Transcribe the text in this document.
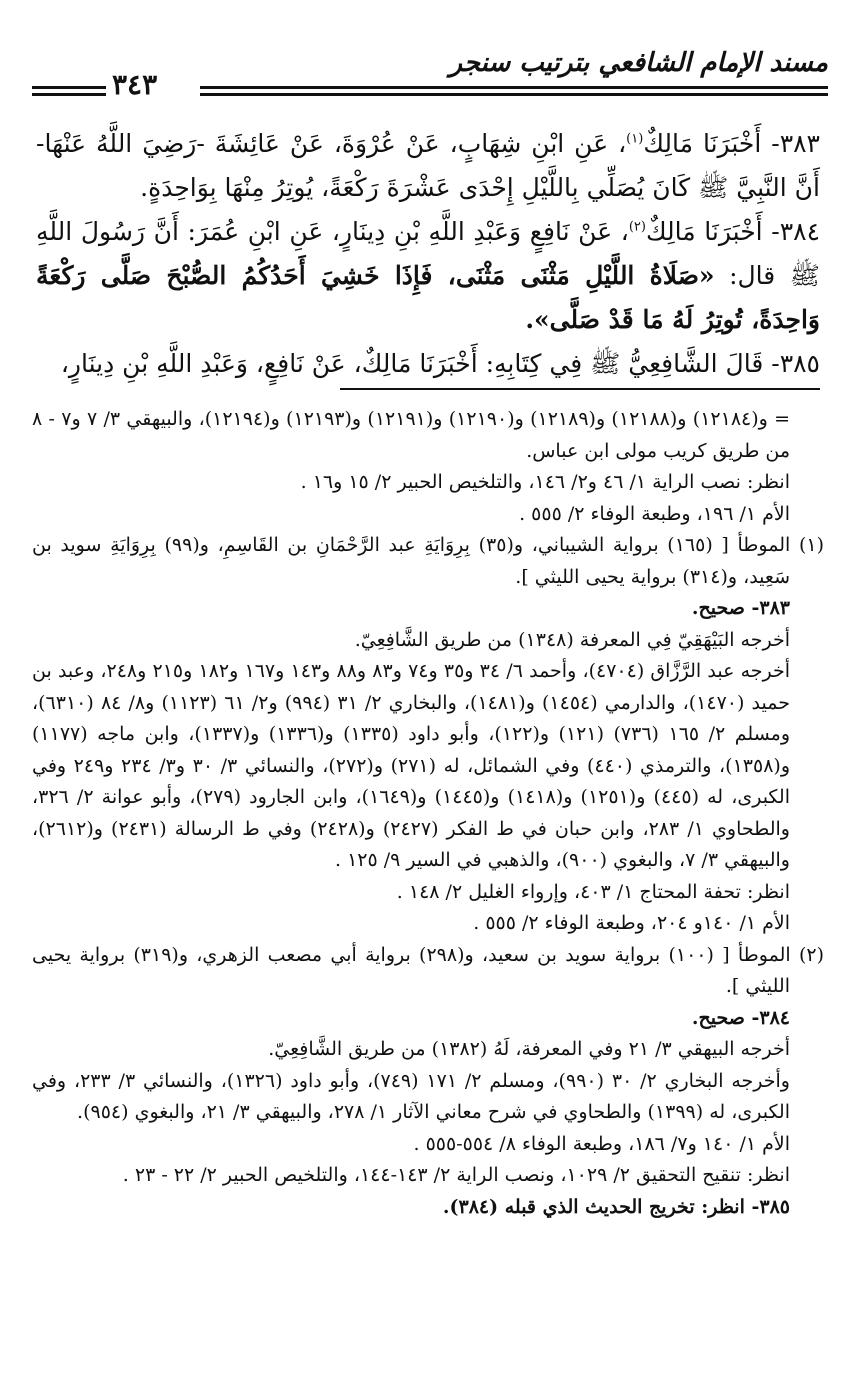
مسند الإمام الشافعي بترتيب سنجر
٣٤٣

٣٨٣- أَخْبَرَنَا مَالِكٌ$^{(١)}$، عَنِ ابْنِ شِهَابٍ، عَنْ عُرْوَةَ، عَنْ عَائِشَةَ -رَضِيَ اللَّهُ عَنْهَا- أَنَّ النَّبِيَّ ﷺ كَانَ يُصَلِّي بِاللَّيْلِ إِحْدَى عَشْرَةَ رَكْعَةً، يُوتِرُ مِنْهَا بِوَاحِدَةٍ.

٣٨٤- أَخْبَرَنَا مَالِكٌ$^{(٢)}$، عَنْ نَافِعٍ وَعَبْدِ اللَّهِ بْنِ دِينَارٍ، عَنِ ابْنِ عُمَرَ: أَنَّ رَسُولَ اللَّهِ ﷺ قال: «صَلَاةُ اللَّيْلِ مَثْنَى مَثْنَى، فَإِذَا خَشِيَ أَحَدُكُمُ الصُّبْحَ صَلَّى رَكْعَةً وَاحِدَةً، تُوتِرُ لَهُ مَا قَدْ صَلَّى».

٣٨٥- قَالَ الشَّافِعِيُّ ﷺ فِي كِتَابِهِ: أَخْبَرَنَا مَالِكٌ، عَنْ نَافِعٍ، وَعَبْدِ اللَّهِ بْنِ دِينَارٍ،

= و(١٢١٨٤) و(١٢١٨٨) و(١٢١٨٩) و(١٢١٩٠) و(١٢١٩١) و(١٢١٩٣) و(١٢١٩٤)، والبيهقي ٣/ ٧ و٧ - ٨ من طريق كريب مولى ابن عباس.

انظر: نصب الراية ١/ ٤٦ و٢/ ١٤٦، والتلخيص الحبير ٢/ ١٥ و١٦ .

الأم ١/ ١٩٦، وطبعة الوفاء ٢/ ٥٥٥ .

(١) الموطأ [ (١٦٥) برواية الشيباني، و(٣٥) بِرِوَايَةِ عبد الرَّحْمَانِ بن القَاسِمِ، و(٩٩) بِرِوَايَةِ سويد بن سَعِيد، و(٣١٤) برواية يحيى الليثي ].

٣٨٣- صحيح.

أخرجه البَيْهَقِيّ فِي المعرفة (١٣٤٨) من طريق الشَّافِعِيّ.

أخرجه عبد الرَّزَّاق (٤٧٠٤)، وأحمد ٦/ ٣٤ و٣٥ و٧٤ و٨٣ و٨٨ و١٤٣ و١٦٧ و١٨٢ و٢١٥ و٢٤٨، وعبد بن حميد (١٤٧٠)، والدارمي (١٤٥٤) و(١٤٨١)، والبخاري ٢/ ٣١ (٩٩٤) و٢/ ٦١ (١١٢٣) و٨/ ٨٤ (٦٣١٠)، ومسلم ٢/ ١٦٥ (٧٣٦) (١٢١) و(١٢٢)، وأبو داود (١٣٣٥) و(١٣٣٦) و(١٣٣٧)، وابن ماجه (١١٧٧) و(١٣٥٨)، والترمذي (٤٤٠) وفي الشمائل، له (٢٧١) و(٢٧٢)، والنسائي ٣/ ٣٠ و٣/ ٢٣٤ و٢٤٩ وفي الكبرى، له (٤٤٥) و(١٢٥١) و(١٤١٨) و(١٤٤٥) و(١٦٤٩)، وابن الجارود (٢٧٩)، وأبو عوانة ٢/ ٣٢٦، والطحاوي ١/ ٢٨٣، وابن حبان في ط الفكر (٢٤٢٧) و(٢٤٢٨) وفي ط الرسالة (٢٤٣١) و(٢٦١٢)، والبيهقي ٣/ ٧، والبغوي (٩٠٠)، والذهبي في السير ٩/ ١٢٥ .

انظر: تحفة المحتاج ١/ ٤٠٣، وإرواء الغليل ٢/ ١٤٨ .

الأم ١/ ١٤٠و ٢٠٤، وطبعة الوفاء ٢/ ٥٥٥ .

(٢) الموطأ [ (١٠٠) برواية سويد بن سعيد، و(٢٩٨) برواية أبي مصعب الزهري، و(٣١٩) برواية يحيى الليثي ].

٣٨٤- صحيح.

أخرجه البيهقي ٣/ ٢١ وفي المعرفة، لَهُ (١٣٨٢) من طريق الشَّافِعِيّ.

وأخرجه البخاري ٢/ ٣٠ (٩٩٠)، ومسلم ٢/ ١٧١ (٧٤٩)، وأبو داود (١٣٢٦)، والنسائي ٣/ ٢٣٣، وفي الكبرى، له (١٣٩٩) والطحاوي في شرح معاني الآثار ١/ ٢٧٨، والبيهقي ٣/ ٢١، والبغوي (٩٥٤).

الأم ١/ ١٤٠ و٧/ ١٨٦، وطبعة الوفاء ٨/ ٥٥٤-٥٥٥ .

انظر: تنقيح التحقيق ٢/ ١٠٢٩، ونصب الراية ٢/ ١٤٣-١٤٤، والتلخيص الحبير ٢/ ٢٢ - ٢٣ .

٣٨٥- انظر: تخريج الحديث الذي قبله (٣٨٤).
